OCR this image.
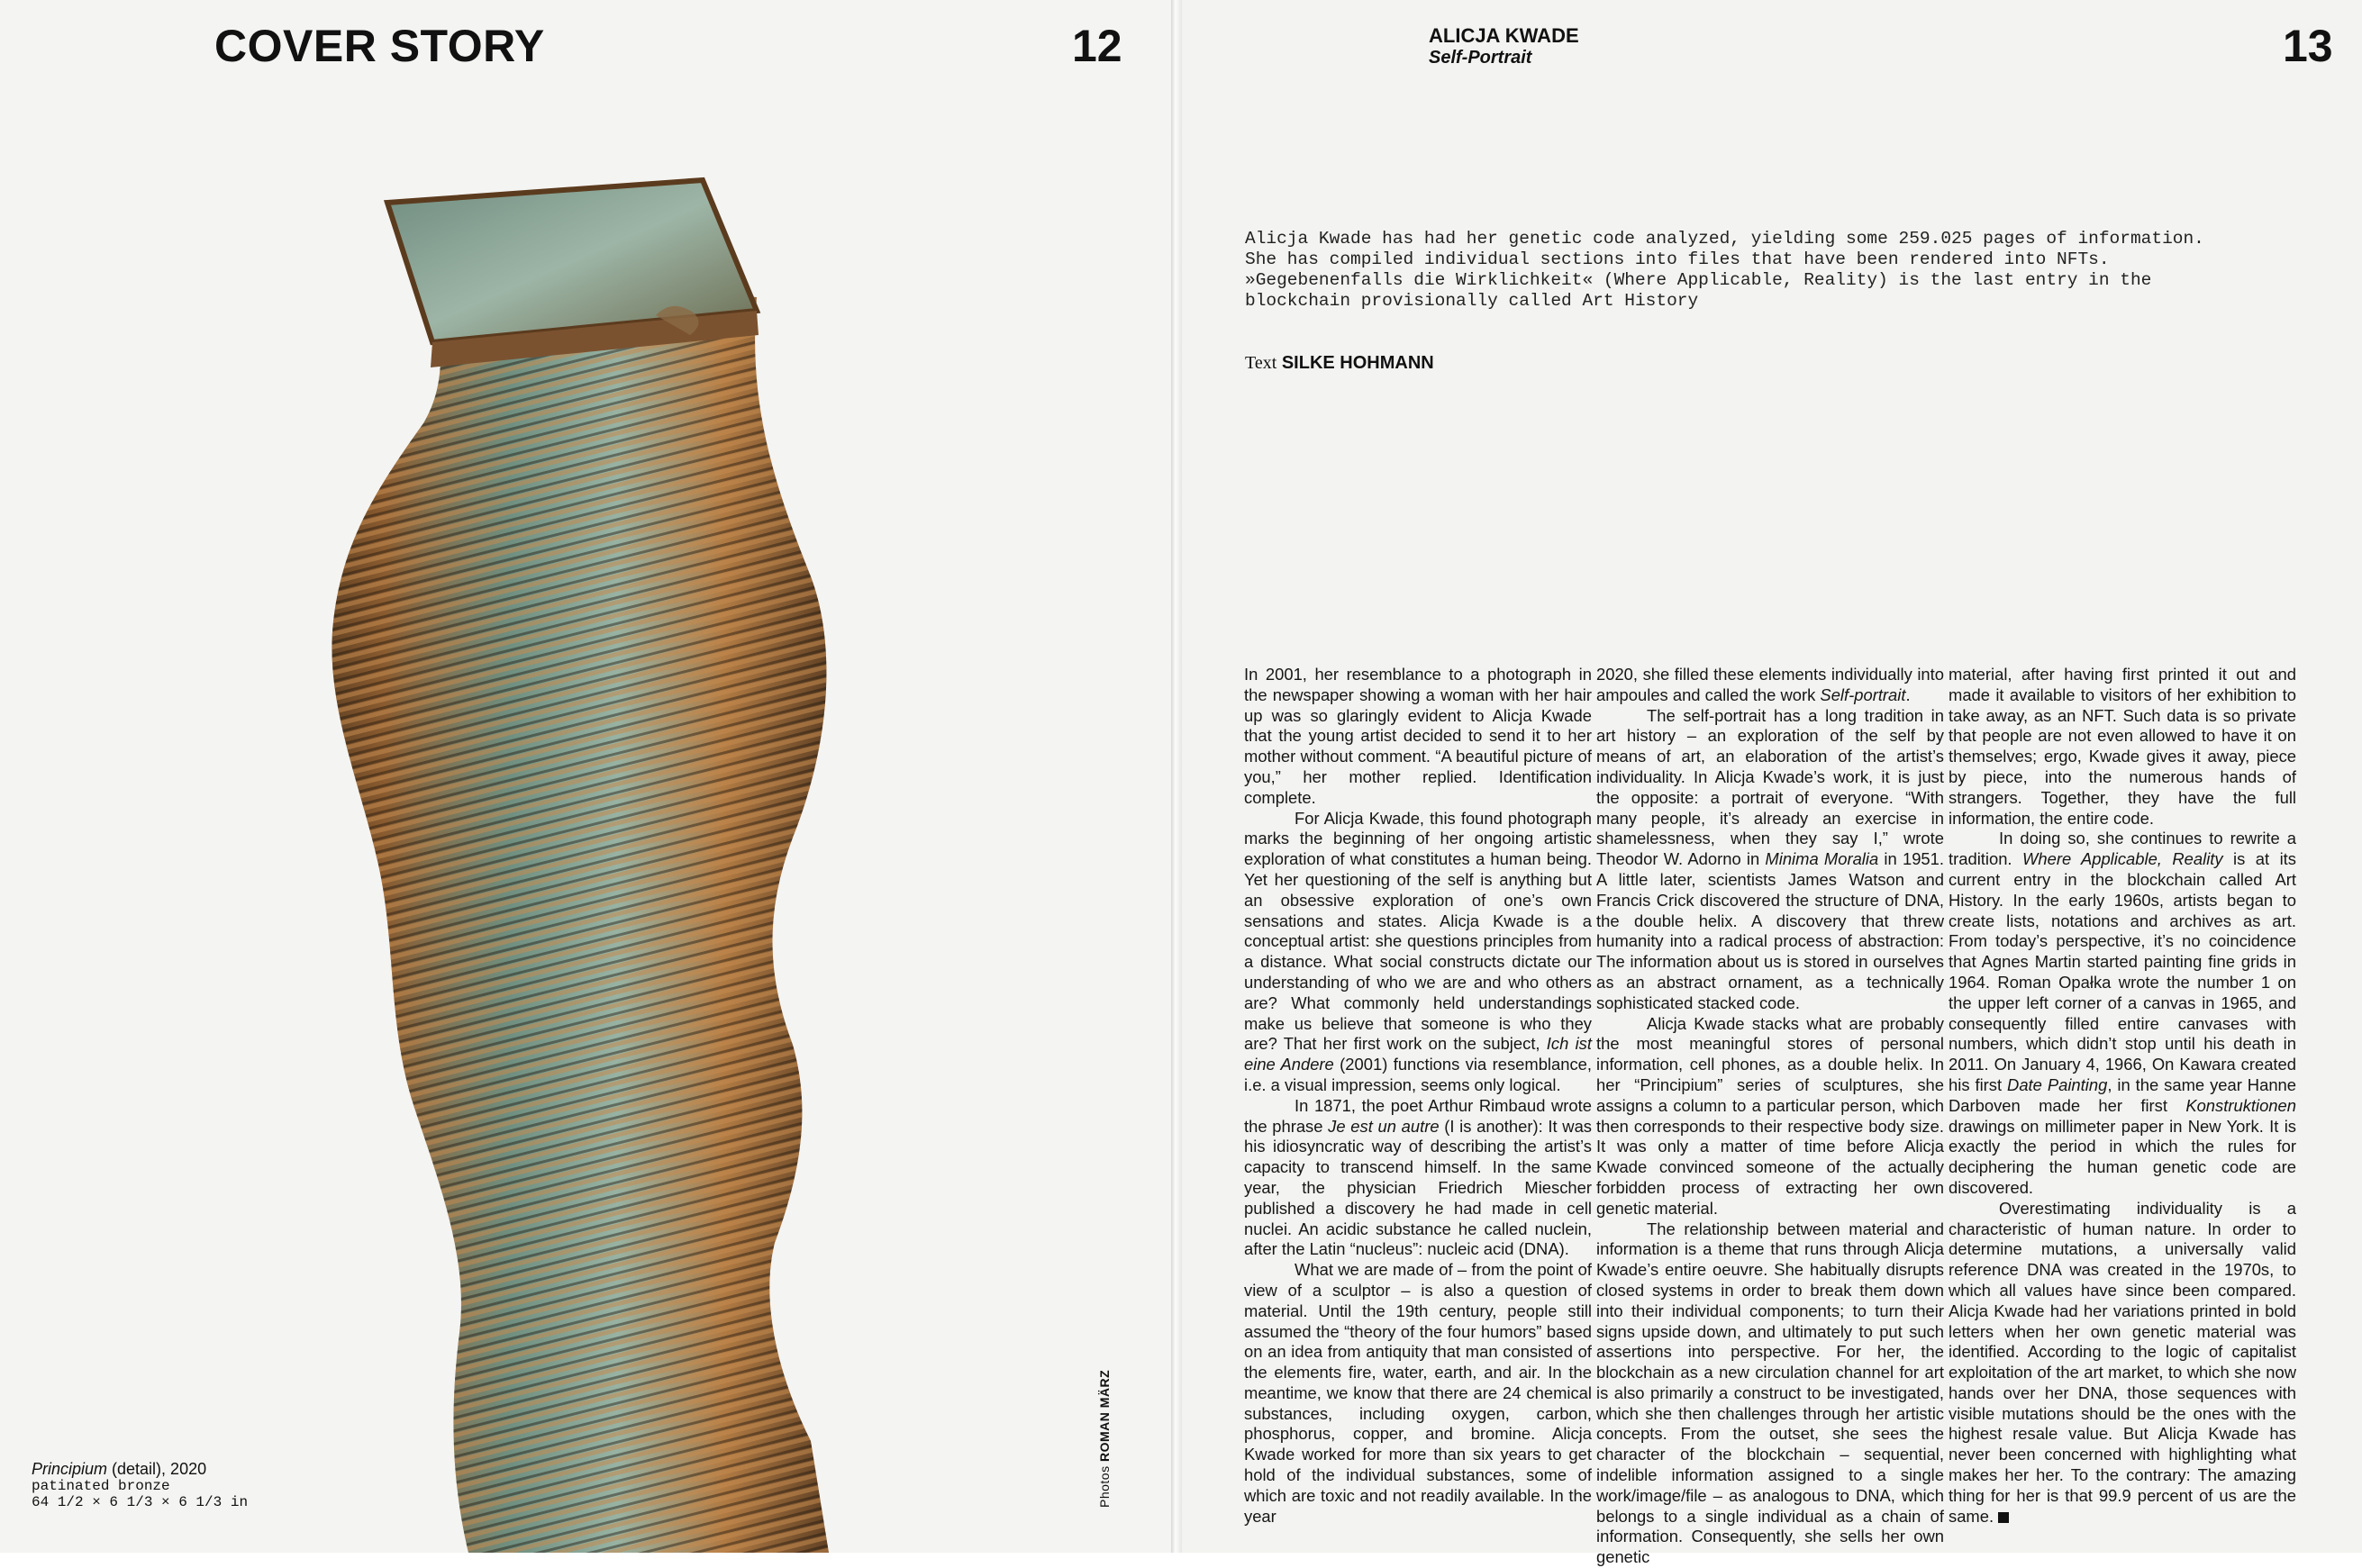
COVER STORY	12
Principium (detail), 2020
patinated bronze
64 1/2 × 6 1/3 × 6 1/3 in	Photos ROMAN MÄRZ
ALICJA KWADE
Self-Portrait	13
Alicja Kwade has had her genetic code analyzed, yielding some 259.025 pages of information. She has compiled individual sections into files that have been rendered into NFTs. »Gegebenenfalls die Wirklichkeit« (Where Applicable, Reality) is the last entry in the blockchain provisionally called Art History
Text SILKE HOHMANN

In 2001, her resemblance to a photograph in the newspaper showing a woman with her hair up was so glaringly evident to Alicja Kwade that the young artist decided to send it to her mother without comment. “A beautiful picture of you,” her mother replied. Identification complete.

For Alicja Kwade, this found photograph marks the beginning of her ongoing artistic exploration of what constitutes a human being. Yet her questioning of the self is anything but an obsessive exploration of one’s own sensations and states. Alicja Kwade is a conceptual artist: she questions principles from a distance. What social constructs dictate our understanding of who we are and who others are? What commonly held understandings make us believe that someone is who they are? That her first work on the subject, Ich ist eine Andere (2001) functions via resemblance, i.e. a visual impression, seems only logical.

In 1871, the poet Arthur Rimbaud wrote the phrase Je est un autre (I is another): It was his idiosyncratic way of describing the artist’s capacity to transcend himself. In the same year, the physician Friedrich Miescher published a discovery he had made in cell nuclei. An acidic substance he called nuclein, after the Latin “nucleus”: nucleic acid (DNA).

What we are made of – from the point of view of a sculptor – is also a question of material. Until the 19th century, people still assumed the “theory of the four humors” based on an idea from antiquity that man consisted of the elements fire, water, earth, and air. In the meantime, we know that there are 24 chemical substances, including oxygen, carbon, phosphorus, copper, and bromine. Alicja Kwade worked for more than six years to get hold of the individual substances, some of which are toxic and not readily available. In the year

2020, she filled these elements individually into ampoules and called the work Self-portrait.

The self-portrait has a long tradition in art history – an exploration of the self by means of art, an elaboration of the artist’s individuality. In Alicja Kwade’s work, it is just the opposite: a portrait of everyone. “With many people, it’s already an exercise in shamelessness, when they say I,” wrote Theodor W. Adorno in Minima Moralia in 1951. A little later, scientists James Watson and Francis Crick discovered the structure of DNA, the double helix. A discovery that threw humanity into a radical process of abstraction: The information about us is stored in ourselves as an abstract ornament, as a technically sophisticated stacked code.

Alicja Kwade stacks what are probably the most meaningful stores of personal information, cell phones, as a double helix. In her “Principium” series of sculptures, she assigns a column to a particular person, which then corresponds to their respective body size. It was only a matter of time before Alicja Kwade convinced someone of the actually forbidden process of extracting her own genetic material.

The relationship between material and information is a theme that runs through Alicja Kwade’s entire oeuvre. She habitually disrupts closed systems in order to break them down into their individual components; to turn their signs upside down, and ultimately to put such assertions into perspective. For her, the blockchain as a new circulation channel for art is also primarily a construct to be investigated, which she then challenges through her artistic concepts. From the outset, she sees the character of the blockchain – sequential, indelible information assigned to a single work/image/file – as analogous to DNA, which belongs to a single individual as a chain of information. Consequently, she sells her own genetic

material, after having first printed it out and made it available to visitors of her exhibition to take away, as an NFT. Such data is so private that people are not even allowed to have it on themselves; ergo, Kwade gives it away, piece by piece, into the numerous hands of strangers. Together, they have the full information, the entire code.

In doing so, she continues to rewrite a tradition. Where Applicable, Reality is at its current entry in the blockchain called Art History. In the early 1960s, artists began to create lists, notations and archives as art. From today’s perspective, it’s no coincidence that Agnes Martin started painting fine grids in 1964. Roman Opałka wrote the number 1 on the upper left corner of a canvas in 1965, and consequently filled entire canvases with numbers, which didn’t stop until his death in 2011. On January 4, 1966, On Kawara created his first Date Painting, in the same year Hanne Darboven made her first Konstruktionen drawings on millimeter paper in New York. It is exactly the period in which the rules for deciphering the human genetic code are discovered.

Overestimating individuality is a characteristic of human nature. In order to determine mutations, a universally valid reference DNA was created in the 1970s, to which all values have since been compared. Alicja Kwade had her variations printed in bold letters when her own genetic material was identified. According to the logic of capitalist exploitation of the art market, to which she now hands over her DNA, those sequences with visible mutations should be the ones with the highest resale value. But Alicja Kwade has never been concerned with highlighting what makes her her. To the contrary: The amazing thing for her is that 99.9 percent of us are the same.
